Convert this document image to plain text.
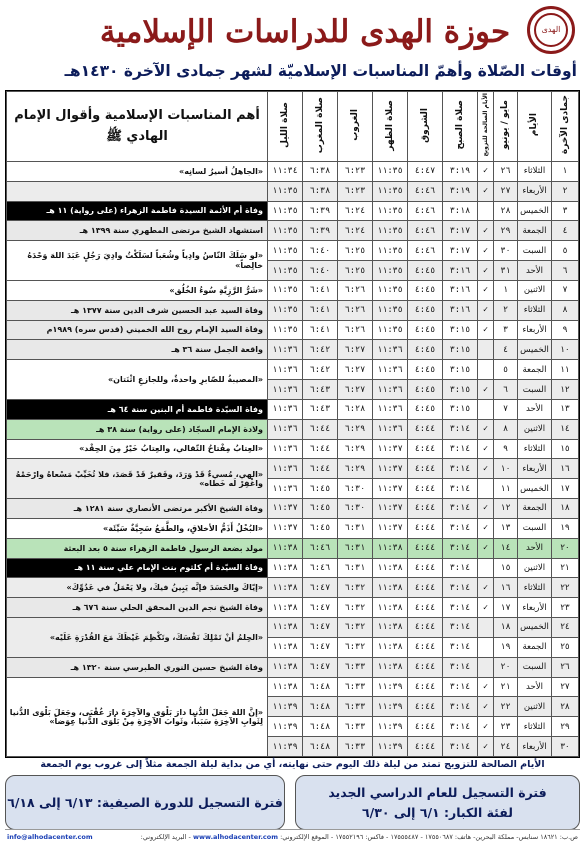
الهدى
حوزة الهدى للدراسات الإسلامية
أوقات الصّلاة وأهمّ المناسبات الإسلاميّة لشهر جمادى الآخرة ١٤٣٠هـ
جمادى الآخرة	الأيام	مايو / يونيو	الأيام الصالحة للتزويج	صلاة الصبح	الشروق	صلاة الظهر	الغروب	صلاة المغرب	صلاة الليل	أهم المناسبات الإسلامية وأقوال الإمام الهادي ﷺ
١	الثلاثاء	٢٦	✓	٣:١٩	٤:٤٧	١١:٣٥	٦:٢٣	٦:٣٨	١١:٣٤	«الجاهلُ أسيرُ لسانِه»
٢	الأربعاء	٢٧	✓	٣:١٩	٤:٤٦	١١:٣٥	٦:٢٣	٦:٣٨	١١:٣٥	
٣	الخميس	٢٨		٣:١٨	٤:٤٦	١١:٣٥	٦:٢٤	٦:٣٩	١١:٣٥	وفاة أم الأئمة السيدة فاطمة الزهراء (على رواية) ١١ هـ
٤	الجمعة	٢٩	✓	٣:١٧	٤:٤٦	١١:٣٥	٦:٢٤	٦:٣٩	١١:٣٥	استشهاد الشيخ مرتضى المطهري سنة ١٣٩٩ هـ
٥	السبت	٣٠	✓	٣:١٧	٤:٤٦	١١:٣٥	٦:٢٥	٦:٤٠	١١:٣٥	«لو سَلَكَ النّاسُ وادِياً وشُعَباً لسَلَكْتُ وادِيَ رَجُلٍ عَبَدَ اللهَ وَحْدَهُ خالِصاً»
٦	الأحد	٣١	✓	٣:١٦	٤:٤٥	١١:٣٥	٦:٢٥	٦:٤٠	١١:٣٥	
٧	الاثنين	١	✓	٣:١٦	٤:٤٥	١١:٣٥	٦:٢٦	٦:٤١	١١:٣٥	«شَرُّ الرَّزِيَّةِ سُوءُ الخُلُق»
٨	الثلاثاء	٢	✓	٣:١٦	٤:٤٥	١١:٣٥	٦:٢٦	٦:٤١	١١:٣٥	وفاة السيد عبد الحسين شرف الدين سنة ١٣٧٧ هـ
٩	الأربعاء	٣	✓	٣:١٥	٤:٤٥	١١:٣٥	٦:٢٦	٦:٤١	١١:٣٥	وفاة السيد الإمام روح الله الخميني (قدس سره) ١٩٨٩م
١٠	الخميس	٤		٣:١٥	٤:٤٥	١١:٣٦	٦:٢٧	٦:٤٢	١١:٣٦	واقعة الجمل سنة ٣٦ هـ
١١	الجمعة	٥		٣:١٥	٤:٤٥	١١:٣٦	٦:٢٧	٦:٤٢	١١:٣٦	«المصيبةُ للصّابرِ واحدةٌ، وللجازعِ اثْنَتان»
١٢	السبت	٦	✓	٣:١٥	٤:٤٥	١١:٣٦	٦:٢٧	٦:٤٣	١١:٣٦	
١٣	الأحد	٧		٣:١٥	٤:٤٥	١١:٣٦	٦:٢٨	٦:٤٣	١١:٣٦	وفاة السيّدة فاطمة أم البنين سنة ٦٤ هـ
١٤	الاثنين	٨	✓	٣:١٤	٤:٤٤	١١:٣٦	٦:٢٩	٦:٤٤	١١:٣٦	ولادة الإمام السجّاد (على رواية) سنة ٣٨ هـ
١٥	الثلاثاء	٩	✓	٣:١٤	٤:٤٤	١١:٣٧	٦:٢٩	٦:٤٤	١١:٣٦	«العِتابُ مِفْتاحُ التّقالي، والعِتابُ خَيْرٌ مِنَ الحِقْد»
١٦	الأربعاء	١٠	✓	٣:١٤	٤:٤٤	١١:٣٧	٦:٢٩	٦:٤٤	١١:٣٦	«الهي، مُسيءٌ قَدْ وَرَدَ، وفَقيرٌ قَدْ قَصَدَ، فلا تُخَيِّبْ مَسْعاهُ وارْحَمْهُ واغْفِرْ لَه خَطاه»
١٧	الخميس	١١		٣:١٤	٤:٤٤	١١:٣٧	٦:٣٠	٦:٤٥	١١:٣٦	
١٨	الجمعة	١٢	✓	٣:١٤	٤:٤٤	١١:٣٧	٦:٣٠	٦:٤٥	١١:٣٧	وفاة الشيخ الأكبر مرتضى الأنصاري سنة ١٢٨١ هـ
١٩	السبت	١٣	✓	٣:١٤	٤:٤٤	١١:٣٧	٦:٣١	٦:٤٥	١١:٣٧	«البُخْلُ أَذَمُّ الأخلاقِ، والطَّمَعُ سَجِيَّةٌ سَيِّئَة»
٢٠	الأحد	١٤	✓	٣:١٤	٤:٤٤	١١:٣٨	٦:٣١	٦:٤٦	١١:٣٨	مولد بضعة الرسول فاطمة الزهراء سنة ٥ بعد البعثة
٢١	الاثنين	١٥		٣:١٤	٤:٤٤	١١:٣٨	٦:٣١	٦:٤٦	١١:٣٨	وفاة السيّدة أم كلثوم بنت الإمام علي سنة ١١ هـ
٢٢	الثلاثاء	١٦	✓	٣:١٤	٤:٤٤	١١:٣٨	٦:٣٢	٦:٤٧	١١:٣٨	«إيّاكَ والحَسَدَ فإنَّه يَبِينُ فيكَ، ولا يَعْمَلُ في عَدُوِّكَ»
٢٣	الأربعاء	١٧	✓	٣:١٤	٤:٤٤	١١:٣٨	٦:٣٢	٦:٤٧	١١:٣٨	وفاة الشيخ نجم الدين المحقق الحلي سنة ٦٧٦ هـ
٢٤	الخميس	١٨		٣:١٤	٤:٤٤	١١:٣٨	٦:٣٢	٦:٤٧	١١:٣٨	«الحِلمُ أنْ تَمْلِكَ نَفْسَكَ، وتَكْظِمَ غَيْظَكَ مَعَ القُدْرَةِ عَلَيْه»
٢٥	الجمعة	١٩		٣:١٤	٤:٤٤	١١:٣٨	٦:٣٢	٦:٤٧	١١:٣٨	
٢٦	السبت	٢٠		٣:١٤	٤:٤٤	١١:٣٨	٦:٣٣	٦:٤٧	١١:٣٨	وفاة الشيخ حسين النوري الطبرسي سنة ١٣٢٠ هـ
٢٧	الأحد	٢١	✓	٣:١٤	٤:٤٤	١١:٣٩	٦:٣٣	٦:٤٨	١١:٣٨	«إنَّ اللهَ جَعَلَ الدُّنيا دارَ بَلْوَى والآخِرَةَ دارَ عُقْبَى، وجَعَلَ بَلْوَى الدُّنيا لِثَوابِ الآخِرَةِ سَبَباً، وثَوابَ الآخِرَةِ مِنْ بَلْوَى الدُّنيا عِوَضاً»
٢٨	الاثنين	٢٢	✓	٣:١٤	٤:٤٤	١١:٣٩	٦:٣٣	٦:٤٨	١١:٣٩	
٢٩	الثلاثاء	٢٣	✓	٣:١٤	٤:٤٤	١١:٣٩	٦:٣٣	٦:٤٨	١١:٣٩	
٣٠	الأربعاء	٢٤	✓	٣:١٤	٤:٤٤	١١:٣٩	٦:٣٣	٦:٤٨	١١:٣٩	
الأيام الصالحة للتزويج تمتد من ليلة ذلك اليوم حتى نهايته، أي من بداية ليلة الجمعة مثلاً إلى غروب يوم الجمعة
فترة التسجيل للعام الدراسي الجديد
لفئة الكبار: ٦/١ إلى ٦/٣٠
فترة التسجيل للدورة الصيفية: ٦/١٣ إلى ٦/١٨
ص.ب: ١٨٦٢١ سنابس- مملكة البحرين- هاتف: ١٧٥٥٠٦٨٧ - ١٧٥٥٥٤٨٧ - فاكس: ١٧٥٥٢١٩٦ - الموقع الإلكتروني: www.alhodacenter.com - البريد الإلكتروني:
info@alhodacenter.com
